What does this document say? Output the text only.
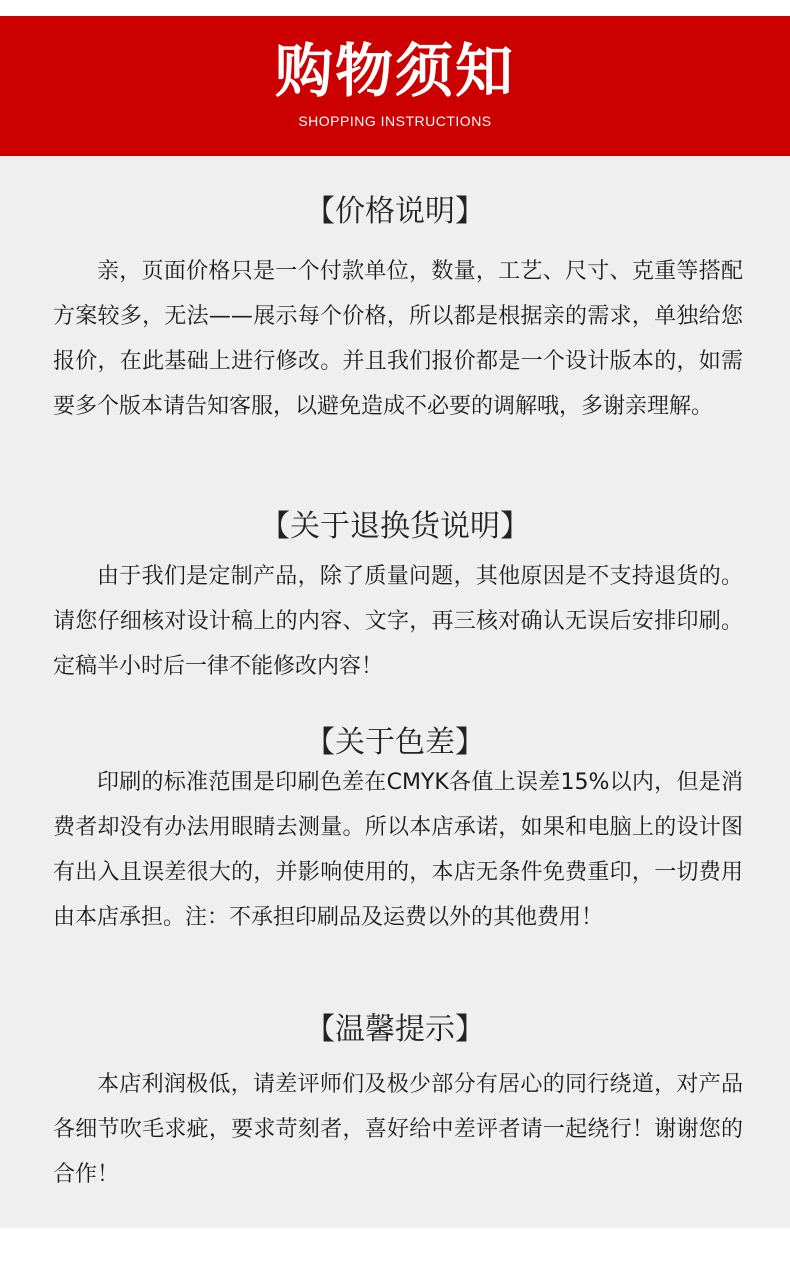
购物须知
SHOPPING INSTRUCTIONS
【价格说明】

亲，页面价格只是一个付款单位，数量，工艺、尺寸、克重等搭配方案较多，无法——展示每个价格，所以都是根据亲的需求，单独给您报价，在此基础上进行修改。并且我们报价都是一个设计版本的，如需要多个版本请告知客服，以避免造成不必要的调解哦，多谢亲理解。

【关于退换货说明】

由于我们是定制产品，除了质量问题，其他原因是不支持退货的。请您仔细核对设计稿上的内容、文字，再三核对确认无误后安排印刷。定稿半小时后一律不能修改内容！

【关于色差】

印刷的标准范围是印刷色差在CMYK各值上误差15%以内，但是消费者却没有办法用眼睛去测量。所以本店承诺，如果和电脑上的设计图有出入且误差很大的，并影响使用的，本店无条件免费重印，一切费用由本店承担。注：不承担印刷品及运费以外的其他费用！

【温馨提示】

本店利润极低，请差评师们及极少部分有居心的同行绕道，对产品各细节吹毛求疵，要求苛刻者，喜好给中差评者请一起绕行！谢谢您的合作！
